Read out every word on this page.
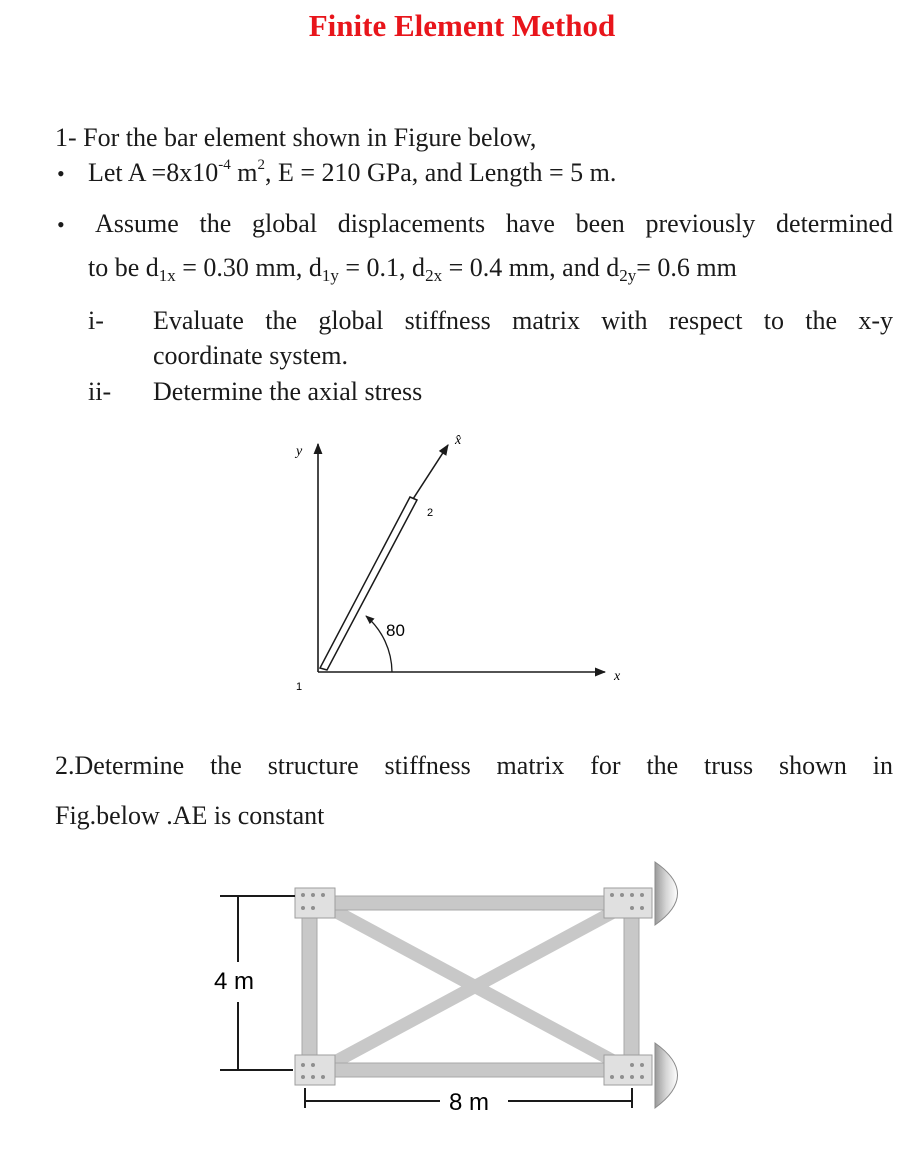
Finite Element Method
1- For the bar element shown in Figure below,
• Let $A =8x10^{-4}$ $m^2$, E = 210 GPa, and Length = 5 m.
• Assume the global displacements have been previously determined
to be $d_{1x} = 0.30$ mm, $d_{1y} = 0.1$, $d_{2x} = 0.4$ mm, and $d_{2y}= 0.6$ mm
i- Evaluate the global stiffness matrix with respect to the x-y
coordinate system.
ii- Determine the axial stress
y
x
x̂
1
2
80
2.Determine the structure stiffness matrix for the truss shown in
Fig.below .AE is constant
4 m
8 m
